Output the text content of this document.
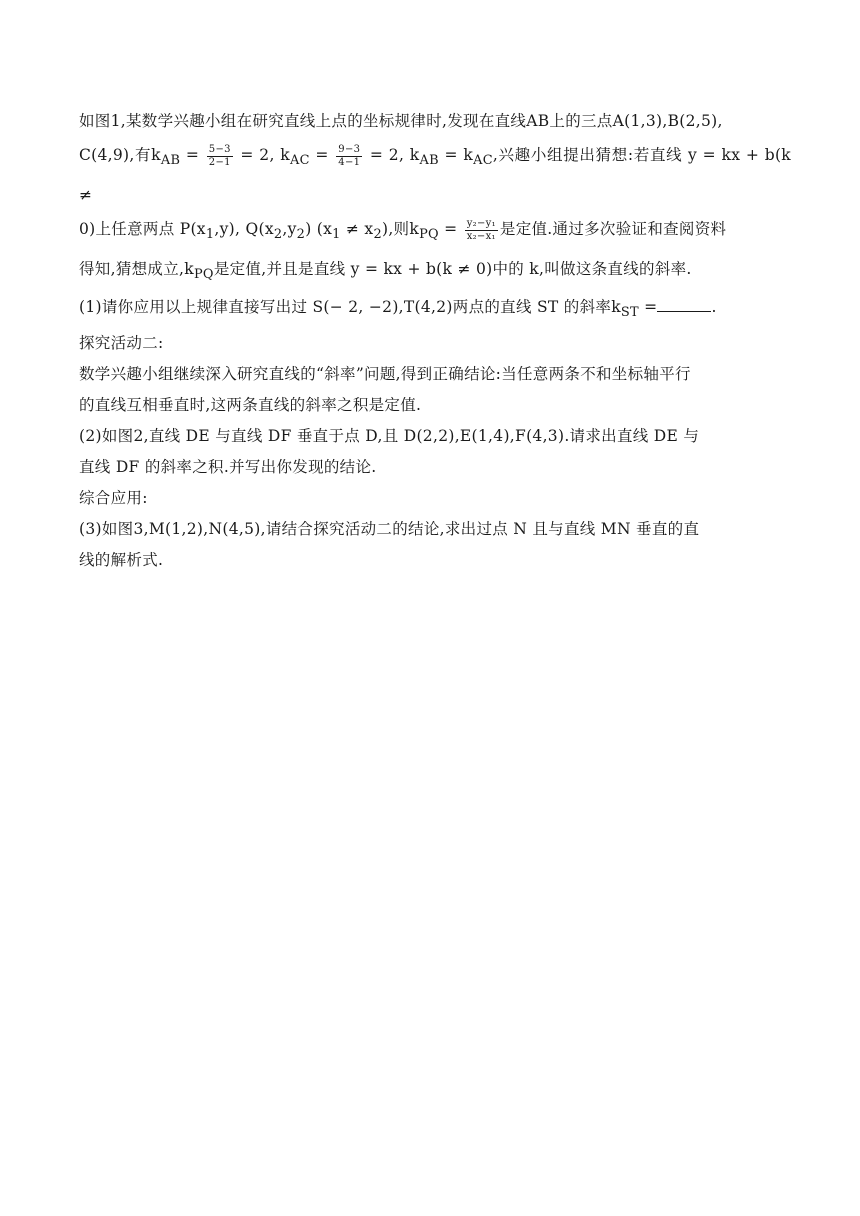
如图1,某数学兴趣小组在研究直线上点的坐标规律时,发现在直线AB上的三点A(1,3),B(2,5),
C(4,9),有$k_{AB} = \frac{5-3}{2-1} = 2$, $k_{AC} = \frac{9-3}{4-1} = 2$, $k_{AB} = k_{AC}$,兴趣小组提出猜想:若直线 y = kx + b(k ≠
0)上任意两点 $P(x_1,y)$, $Q(x_2,y_2) (x_1 \ne x_2)$,则$k_{PQ} = \frac{\text{y₂−y₁}}{\text{x₂−x₁}}$ 是定值.通过多次验证和查阅资料
得知,猜想成立$,k_{PQ}$是定值,并且是直线 y = kx + b(k ≠ 0)中的 k,叫做这条直线的斜率.

(1)请你应用以上规律直接写出过 S(− 2, −2),T(4,2)两点的直线 ST 的斜率$k_{ST}$ =	.

探究活动二:

数学兴趣小组继续深入研究直线的“斜率”问题,得到正确结论:当任意两条不和坐标轴平行
的直线互相垂直时,这两条直线的斜率之积是定值.

(2)如图2,直线 DE 与直线 DF 垂直于点 D,且 D(2,2),E(1,4),F(4,3).请求出直线 DE 与
直线 DF 的斜率之积.并写出你发现的结论.

综合应用:

(3)如图3,M(1,2),N(4,5),请结合探究活动二的结论,求出过点 N 且与直线 MN 垂直的直
线的解析式.
